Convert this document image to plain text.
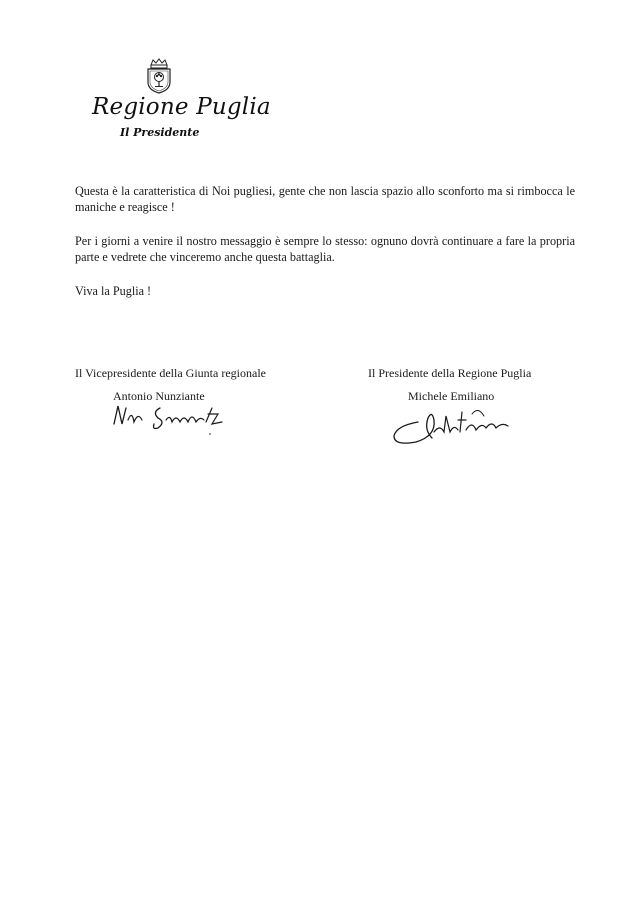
Regione Puglia
Il Presidente

Questa è la caratteristica di Noi pugliesi, gente che non lascia spazio allo sconforto ma si rimbocca le maniche e reagisce !

Per i giorni a venire il nostro messaggio è sempre lo stesso: ognuno dovrà continuare a fare la propria parte e vedrete che vinceremo anche questa battaglia.

Viva la Puglia !

Il Vicepresidente della Giunta regionale
Antonio Nunziante
Il Presidente della Regione Puglia
Michele Emiliano
